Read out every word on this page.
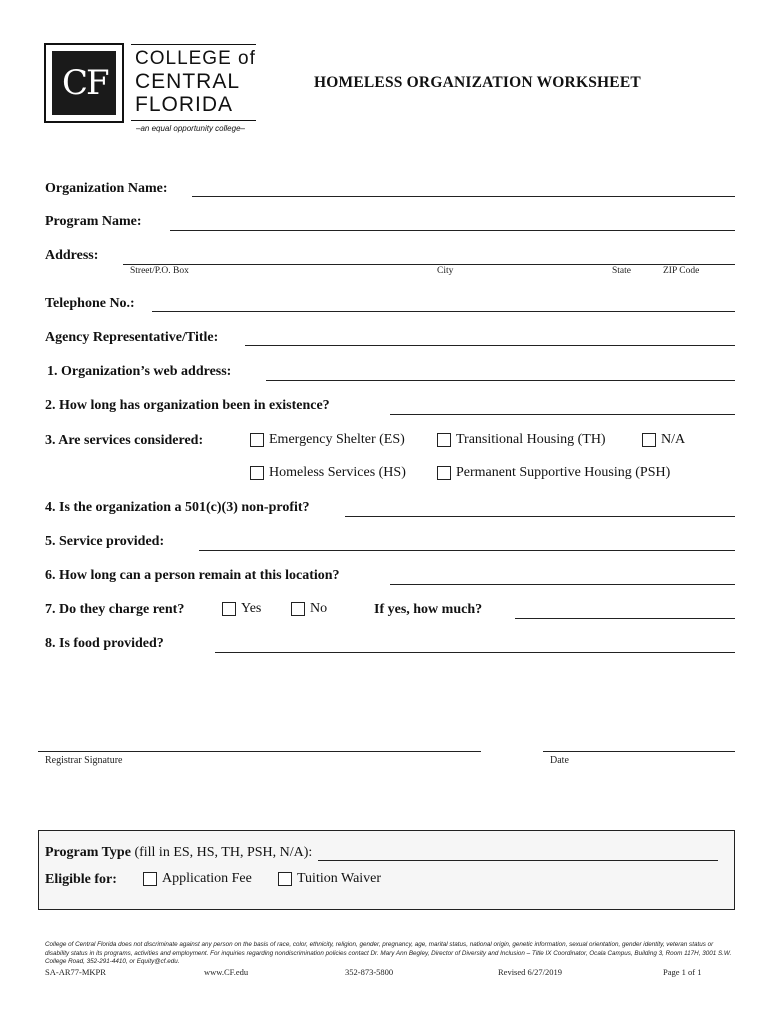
CF
COLLEGE of
CENTRAL
FLORIDA
–an equal opportunity college–
HOMELESS ORGANIZATION WORKSHEET
Organization Name:
Program Name:
Address:
Street/P.O. Box	City	State	ZIP Code
Telephone No.:
Agency Representative/Title:
1. Organization’s web address:
2. How long has organization been in existence?
3. Are services considered:	Emergency Shelter (ES)	Transitional Housing (TH)	N/A
Homeless Services (HS)	Permanent Supportive Housing (PSH)
4. Is the organization a 501(c)(3) non-profit?
5. Service provided:
6. How long can a person remain at this location?
7. Do they charge rent?	Yes	No	If yes, how much?
8. Is food provided?
Registrar Signature	Date
Program Type (fill in ES, HS, TH, PSH, N/A):
Eligible for:	Application Fee	Tuition Waiver
College of Central Florida does not discriminate against any person on the basis of race, color, ethnicity, religion, gender, pregnancy, age, marital status, national origin, genetic information, sexual orientation, gender identity, veteran status or disability status in its programs, activities and employment. For inquiries regarding nondiscrimination policies contact Dr. Mary Ann Begley, Director of Diversity and Inclusion – Title IX Coordinator, Ocala Campus, Building 3, Room 117H, 3001 S.W. College Road, 352-291-4410, or Equity@cf.edu.
SA-AR77-MKPR	www.CF.edu	352-873-5800	Revised 6/27/2019	Page 1 of 1
